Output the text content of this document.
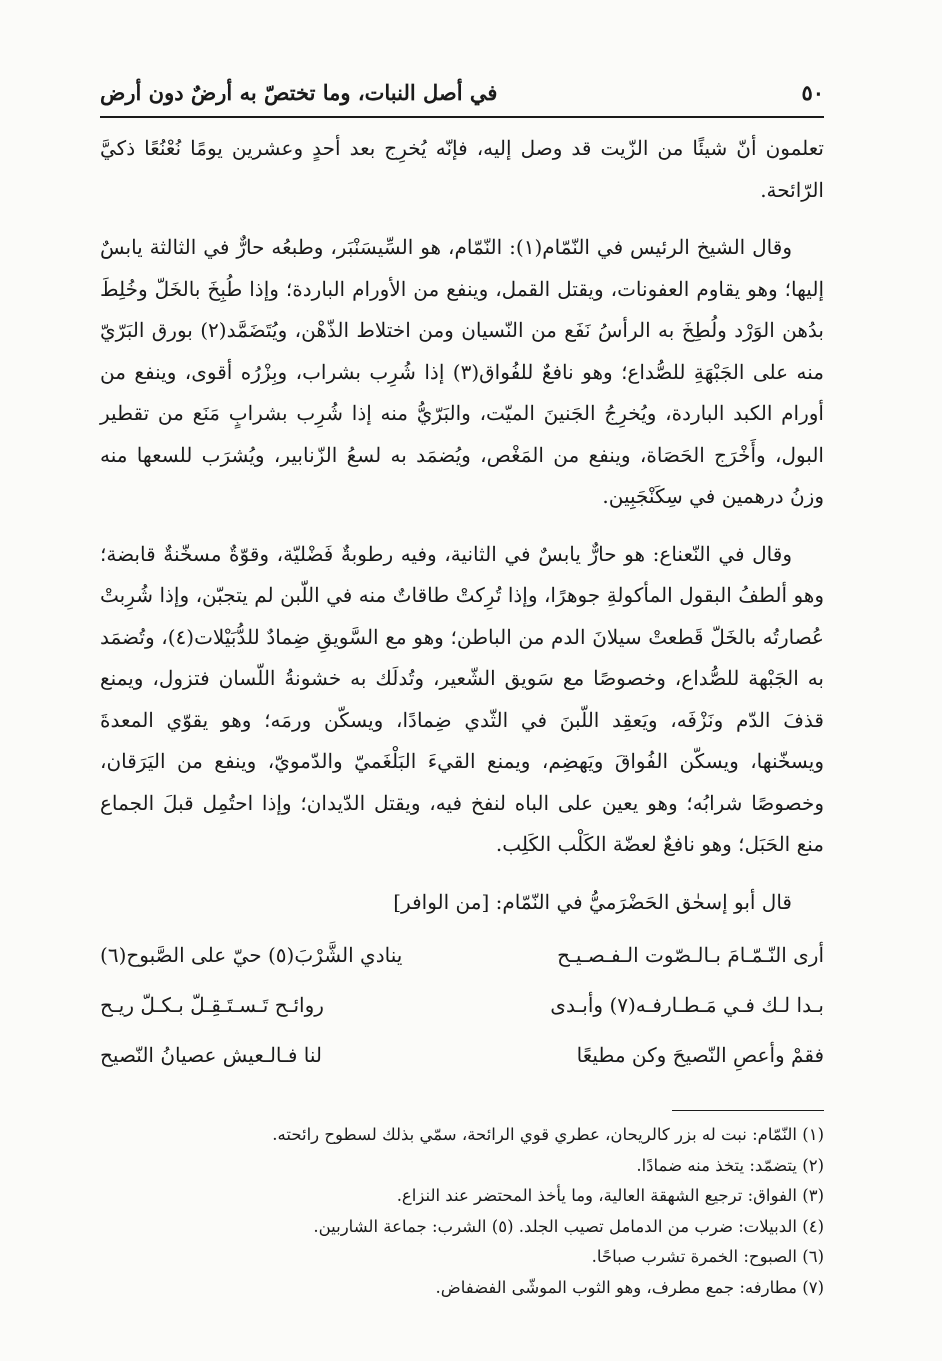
٥٠
في أصل النبات، وما تختصّ به أرضٌ دون أرض

تعلمون أنّ شيئًا من الزّيت قد وصل إليه، فإنّه يُخرِج بعد أحدٍ وعشرين يومًا نُعْنُعًا ذكيَّ الرّائحة.

وقال الشيخ الرئيس في النّمّام(١): النّمّام، هو السِّيسَنْبَر، وطبعُه حارٌّ في الثالثة يابسٌ إليها؛ وهو يقاوم العفونات، ويقتل القمل، وينفع من الأورام الباردة؛ وإذا طُبِخَ بالخَلّ وخُلِطَ بدُهن الوَرْد ولُطِخَ به الرأسُ نَفَع من النّسيان ومن اختلاط الذّهْن، ويُتَضَمَّد(٢) بورق البَرّيّ منه على الجَبْهَةِ للصُّداع؛ وهو نافعٌ للفُواق(٣) إذا شُرِب بشراب، وبِزْرُه أقوى، وينفع من أورام الكبد الباردة، ويُخرِجُ الجَنينَ الميّت، والبَرّيُّ منه إذا شُرِب بشرابٍ مَنَع من تقطير البول، وأَخْرَج الحَصَاة، وينفع من المَغْص، ويُضمَد به لسعُ الزّنابير، ويُشرَب للسعها منه وزنُ درهمين في سِكَنْجَبِين.

وقال في النّعناع: هو حارٌّ يابسٌ في الثانية، وفيه رطوبةٌ فَضْليّة، وقوّةٌ مسخّنةٌ قابضة؛ وهو ألطفُ البقول المأكولةِ جوهرًا، وإذا تُرِكتْ طاقاتٌ منه في اللّبن لم يتجبّن، وإذا شُرِبتْ عُصارتُه بالخَلّ قَطعتْ سيلانَ الدم من الباطن؛ وهو مع السَّويقِ ضِمادٌ للدُّبَيْلات(٤)، وتُضمَد به الجَبْهة للصُّداع، وخصوصًا مع سَويق الشّعير، وتُدلَك به خشونةُ اللّسان فتزول، ويمنع قذفَ الدّم ونَزْفَه، ويَعقِد اللّبنَ في الثّدي ضِمادًا، ويسكّن ورمَه؛ وهو يقوّي المعدةَ ويسخّنها، ويسكّن الفُواقَ ويَهضِم، ويمنع القيءَ البَلْغَميّ والدّمويّ، وينفع من اليَرَقان، وخصوصًا شرابُه؛ وهو يعين على الباه لنفخ فيه، ويقتل الدّيدان؛ وإذا احتُمِل قبلَ الجماع منع الحَبَل؛ وهو نافعٌ لعضّة الكَلْب الكَلِب.

قال أبو إسحٰق الحَضْرَميُّ في النّمّام: [من الوافر]

أرى النّـمّـامَ بـالـصّوت الـفـصـيـح
ينادي الشَّرْبَ(٥) حيّ على الصَّبوح(٦)
بـدا لـك فـي مَـطـارفـه(٧) وأبـدى
روائـح تَـسـتَـقِـلّ بـكـلّ ريـح
فقمْ وأعصِ النّصيحَ وكن مطيعًا
لنا فـالـعيش عصيانُ النّصيح
(١) النّمّام: نبت له بزر كالريحان، عطري قوي الرائحة، سمّي بذلك لسطوح رائحته.
(٢) يتضمّد: يتخذ منه ضمادًا.
(٣) الفواق: ترجيع الشهقة العالية، وما يأخذ المحتضر عند النزاع.
(٤) الدبيلات: ضرب من الدمامل تصيب الجلد. (٥) الشرب: جماعة الشاربين.
(٦) الصبوح: الخمرة تشرب صباحًا.
(٧) مطارفه: جمع مطرف، وهو الثوب الموشّى الفضفاض.
